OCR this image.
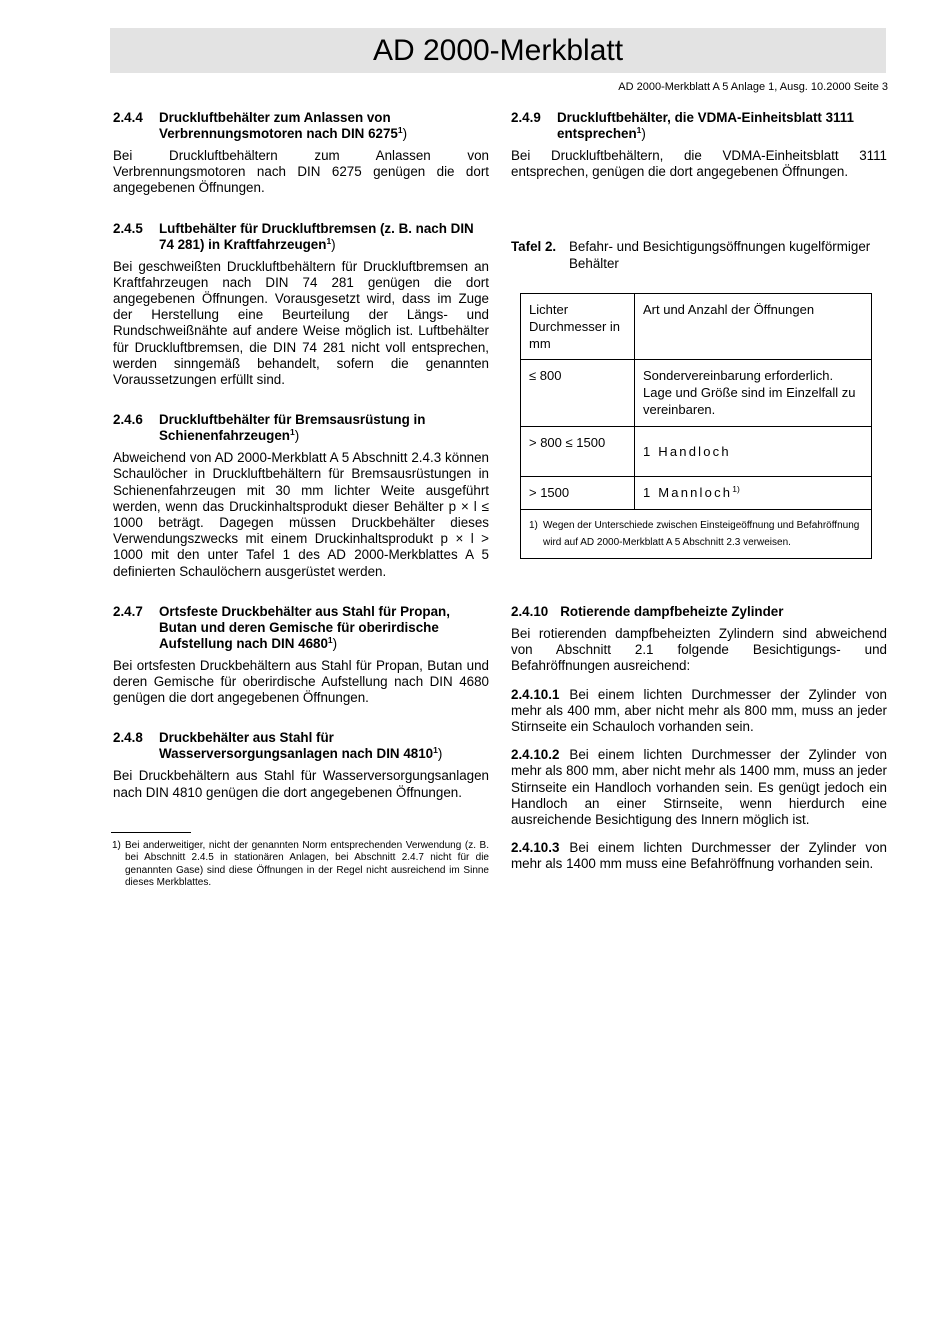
AD 2000-Merkblatt
AD 2000-Merkblatt A 5 Anlage 1, Ausg. 10.2000 Seite 3
2.4.4	Druckluftbehälter zum Anlassen von Verbrennungsmotoren nach DIN 6275$^1$)

Bei Druckluftbehältern zum Anlassen von Verbrennungsmotoren nach DIN 6275 genügen die dort angegebenen Öffnungen.

2.4.5	Luftbehälter für Druckluftbremsen (z. B. nach DIN 74 281) in Kraftfahrzeugen$^1$)

Bei geschweißten Druckluftbehältern für Druckluftbremsen an Kraftfahrzeugen nach DIN 74 281 genügen die dort angegebenen Öffnungen. Vorausgesetzt wird, dass im Zuge der Herstellung eine Beurteilung der Längs- und Rundschweißnähte auf andere Weise möglich ist. Luftbehälter für Druckluftbremsen, die DIN 74 281 nicht voll entsprechen, werden sinngemäß behandelt, sofern die genannten Voraussetzungen erfüllt sind.

2.4.6	Druckluftbehälter für Bremsausrüstung in Schienenfahrzeugen$^1$)

Abweichend von AD 2000-Merkblatt A 5 Abschnitt 2.4.3 können Schaulöcher in Druckluftbehältern für Bremsausrüstungen in Schienenfahrzeugen mit 30 mm lichter Weite ausgeführt werden, wenn das Druckinhaltsprodukt dieser Behälter p × l ≤ 1000 beträgt. Dagegen müssen Druckbehälter dieses Verwendungszwecks mit einem Druckinhaltsprodukt p × l > 1000 mit den unter Tafel 1 des AD 2000-Merkblattes A 5 definierten Schaulöchern ausgerüstet werden.

2.4.7	Ortsfeste Druckbehälter aus Stahl für Propan, Butan und deren Gemische für oberirdische Aufstellung nach DIN 4680$^1$)

Bei ortsfesten Druckbehältern aus Stahl für Propan, Butan und deren Gemische für oberirdische Aufstellung nach DIN 4680 genügen die dort angegebenen Öffnungen.

2.4.8	Druckbehälter aus Stahl für Wasserversorgungsanlagen nach DIN 4810$^1$)

Bei Druckbehältern aus Stahl für Wasserversorgungsanlagen nach DIN 4810 genügen die dort angegebenen Öffnungen.

1) Bei anderweitiger, nicht der genannten Norm entsprechenden Verwendung (z. B. bei Abschnitt 2.4.5 in stationären Anlagen, bei Abschnitt 2.4.7 nicht für die genannten Gase) sind diese Öffnungen in der Regel nicht ausreichend im Sinne dieses Merkblattes.
2.4.9	Druckluftbehälter, die VDMA-Einheitsblatt 3111 entsprechen$^1$)

Bei Druckluftbehältern, die VDMA-Einheitsblatt 3111 entsprechen, genügen die dort angegebenen Öffnungen.

Tafel 2. Befahr- und Besichtigungsöffnungen kugelförmiger Behälter
Lichter Durchmesser in mm	Art und Anzahl der Öffnungen
≤ 800	Sondervereinbarung erforderlich. Lage und Größe sind im Einzelfall zu vereinbaren.
> 800 ≤ 1500	1 Handloch
> 1500	1 Mannloch$^{1)}$

1) Wegen der Unterschiede zwischen Einsteigeöffnung und Befahröffnung wird auf AD 2000-Merkblatt A 5 Abschnitt 2.3 verweisen.	
2.4.10 Rotierende dampfbeheizte Zylinder

Bei rotierenden dampfbeheizten Zylindern sind abweichend von Abschnitt 2.1 folgende Besichtigungs- und Befahröffnungen ausreichend:

2.4.10.1 Bei einem lichten Durchmesser der Zylinder von mehr als 400 mm, aber nicht mehr als 800 mm, muss an jeder Stirnseite ein Schauloch vorhanden sein.
2.4.10.2 Bei einem lichten Durchmesser der Zylinder von mehr als 800 mm, aber nicht mehr als 1400 mm, muss an jeder Stirnseite ein Handloch vorhanden sein. Es genügt jedoch ein Handloch an einer Stirnseite, wenn hierdurch eine ausreichende Besichtigung des Innern möglich ist.
2.4.10.3 Bei einem lichten Durchmesser der Zylinder von mehr als 1400 mm muss eine Befahröffnung vorhanden sein.
